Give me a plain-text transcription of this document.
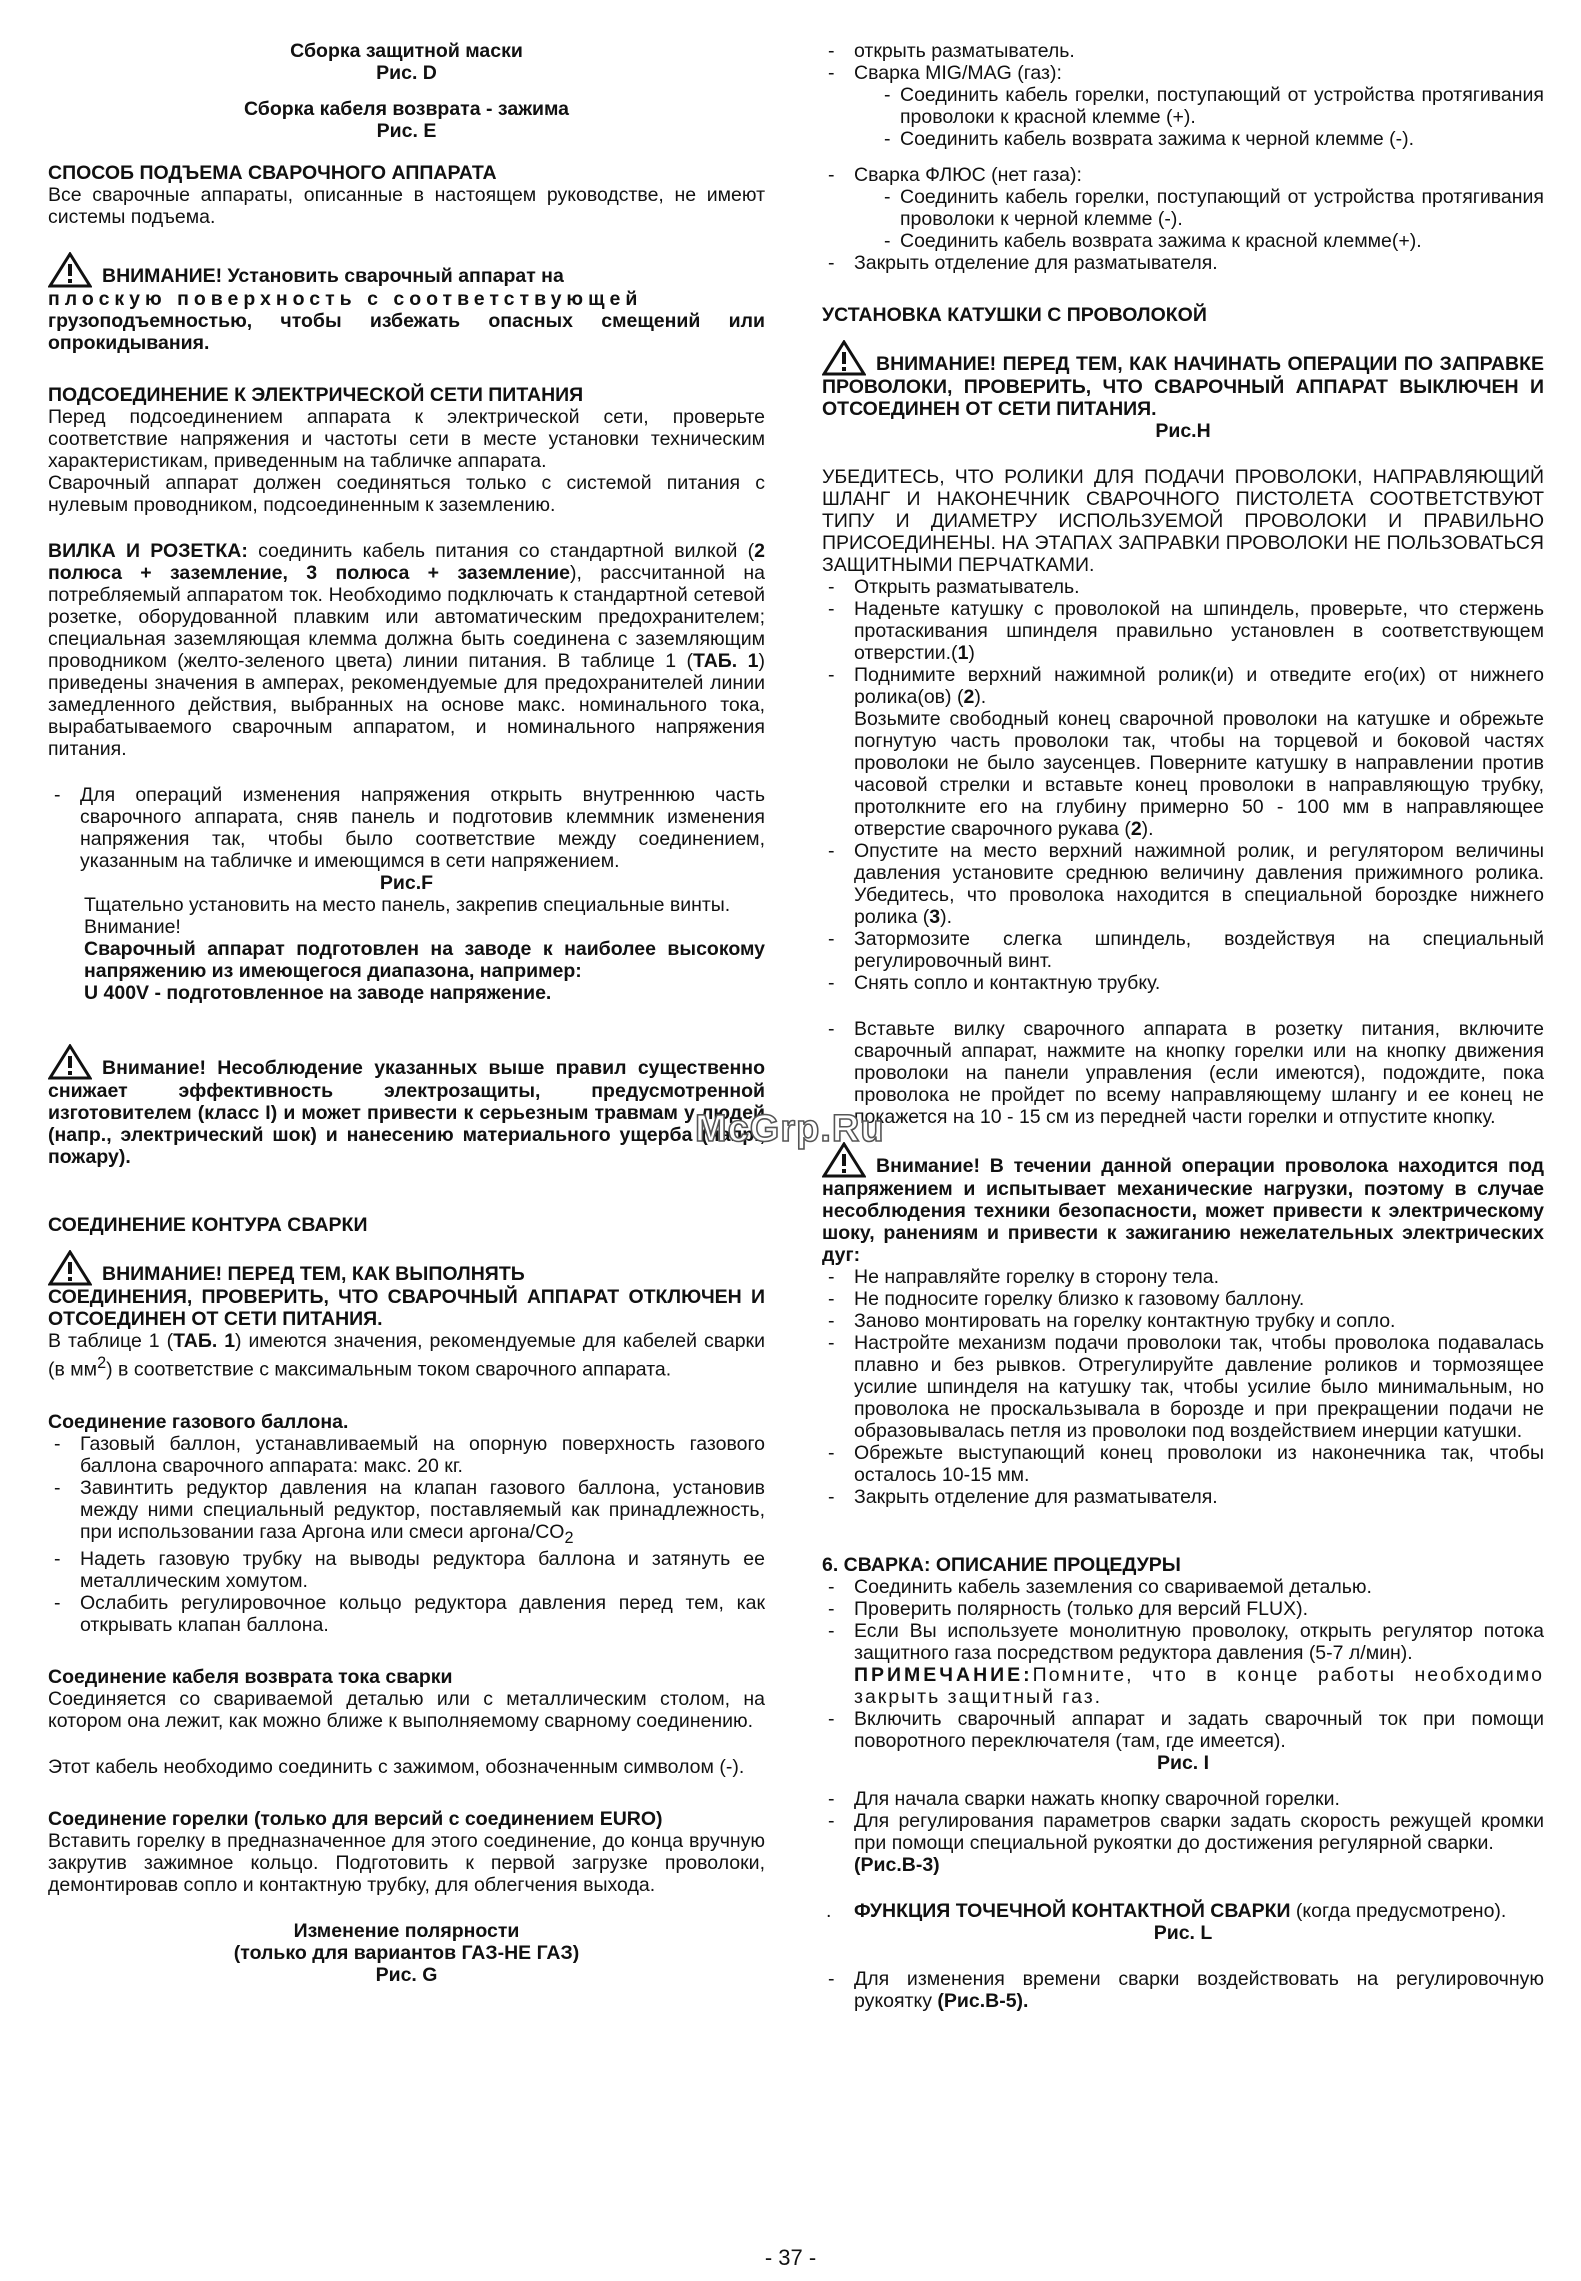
Сборка защитной маски

Рис. D

Сборка кабеля возврата - зажима

Рис. E

СПОСОБ ПОДЪЕМА СВАРОЧНОГО АППАРАТА

Все сварочные аппараты, описанные в настоящем руководстве, не имеют системы подъема.

ВНИМАНИЕ! Установить сварочный аппарат на

плоскую поверхность с соответствующей

грузоподъемностью, чтобы избежать опасных смещений или опрокидывания.

ПОДСОЕДИНЕНИЕ К ЭЛЕКТРИЧЕСКОЙ СЕТИ ПИТАНИЯ

Перед подсоединением аппарата к электрической сети, проверьте соответствие напряжения и частоты сети в месте установки техническим характеристикам, приведенным на табличке аппарата.

Сварочный аппарат должен соединяться только с системой питания с нулевым проводником, подсоединенным к заземлению.

ВИЛКА И РОЗЕТКА: соединить кабель питания со стандартной вилкой (2 полюса + заземление, 3 полюса + заземление), рассчитанной на потребляемый аппаратом ток. Необходимо подключать к стандартной сетевой розетке, оборудованной плавким или автоматическим предохранителем; специальная заземляющая клемма должна быть соединена с заземляющим проводником (желто-зеленого цвета) линии питания. В таблице 1 (ТАБ. 1) приведены значения в амперах, рекомендуемые для предохранителей линии замедленного действия, выбранных на основе макс. номинального тока, вырабатываемого сварочным аппаратом, и номинального напряжения питания.

- Для операций изменения напряжения открыть внутреннюю часть сварочного аппарата, сняв панель и подготовив клеммник изменения напряжения так, чтобы было соответствие между соединением, указанным на табличке и имеющимся в сети напряжением.

Рис.F

Тщательно установить на место панель, закрепив специальные винты.

Внимание!

Сварочный аппарат подготовлен на заводе к наиболее высокому напряжению из имеющегося диапазона, например:

U 400V - подготовленное на заводе напряжение.

Внимание! Несоблюдение указанных выше правил существенно снижает эффективность электрозащиты, предусмотренной изготовителем (класс I) и может привести к серьезным травмам у людей (напр., электрический шок) и нанесению материального ущерба (напр., пожару).

СОЕДИНЕНИЕ КОНТУРА СВАРКИ

ВНИМАНИЕ! ПЕРЕД ТЕМ, КАК ВЫПОЛНЯТЬ

СОЕДИНЕНИЯ, ПРОВЕРИТЬ, ЧТО СВАРОЧНЫЙ АППАРАТ ОТКЛЮЧЕН И ОТСОЕДИНЕН ОТ СЕТИ ПИТАНИЯ.

В таблице 1 (ТАБ. 1) имеются значения, рекомендуемые для кабелей сварки (в $мм^2$) в соответствие с максимальным током сварочного аппарата.

Соединение газового баллона.

- Газовый баллон, устанавливаемый на опорную поверхность газового баллона сварочного аппарата: макс. 20 кг.
- Завинтить редуктор давления на клапан газового баллона, установив между ними специальный редуктор, поставляемый как принадлежность, при использовании газа Аргона или смеси аргона/$CO_2$
- Надеть газовую трубку на выводы редуктора баллона и затянуть ее металлическим хомутом.
- Ослабить регулировочное кольцо редуктора давления перед тем, как открывать клапан баллона.

Соединение кабеля возврата тока сварки

Соединяется со свариваемой деталью или с металлическим столом, на котором она лежит, как можно ближе к выполняемому сварному соединению.

Этот кабель необходимо соединить с зажимом, обозначенным символом (-).

Соединение горелки (только для версий с соединением EURO)

Вставить горелку в предназначенное для этого соединение, до конца вручную закрутив зажимное кольцо. Подготовить к первой загрузке проволоки, демонтировав сопло и контактную трубку, для облегчения выхода.

Изменение полярности

(только для вариантов ГАЗ-НЕ ГАЗ)

Рис. G

- открыть разматыватель.
- Сварка MIG/MAG (газ):
- Соединить кабель горелки, поступающий от устройства протягивания проволоки к красной клемме (+).
- Соединить кабель возврата зажима к черной клемме (-).
- Сварка ФЛЮС (нет газа):
- Соединить кабель горелки, поступающий от устройства протягивания проволоки к черной клемме (-).
- Соединить кабель возврата зажима к красной клемме(+).
- Закрыть отделение для разматывателя.

УСТАНОВКА КАТУШКИ С ПРОВОЛОКОЙ

ВНИМАНИЕ! ПЕРЕД ТЕМ, КАК НАЧИНАТЬ ОПЕРАЦИИ ПО ЗАПРАВКЕ ПРОВОЛОКИ, ПРОВЕРИТЬ, ЧТО СВАРОЧНЫЙ АППАРАТ ВЫКЛЮЧЕН И ОТСОЕДИНЕН ОТ СЕТИ ПИТАНИЯ.

Рис.H

УБЕДИТЕСЬ, ЧТО РОЛИКИ ДЛЯ ПОДАЧИ ПРОВОЛОКИ, НАПРАВЛЯЮЩИЙ ШЛАНГ И НАКОНЕЧНИК СВАРОЧНОГО ПИСТОЛЕТА СООТВЕТСТВУЮТ ТИПУ И ДИАМЕТРУ ИСПОЛЬЗУЕМОЙ ПРОВОЛОКИ И ПРАВИЛЬНО ПРИСОЕДИНЕНЫ. НА ЭТАПАХ ЗАПРАВКИ ПРОВОЛОКИ НЕ ПОЛЬЗОВАТЬСЯ ЗАЩИТНЫМИ ПЕРЧАТКАМИ.

- Открыть разматыватель.
- Наденьте катушку с проволокой на шпиндель, проверьте, что стержень протаскивания шпинделя правильно установлен в соответствующем отверстии.(1)
- Поднимите верхний нажимной ролик(и) и отведите его(их) от нижнего ролика(ов) (2).

Возьмите свободный конец сварочной проволоки на катушке и обрежьте погнутую часть проволоки так, чтобы на торцевой и боковой частях проволоки не было заусенцев. Поверните катушку в направлении против часовой стрелки и вставьте конец проволоки в направляющую трубку, протолкните его на глубину примерно 50 - 100 мм в направляющее отверстие сварочного рукава (2).

- Опустите на место верхний нажимной ролик, и регулятором величины давления установите среднюю величину давления прижимного ролика. Убедитесь, что проволока находится в специальной бороздке нижнего ролика (3).
- Затормозите слегка шпиндель, воздействуя на специальный регулировочный винт.
- Снять сопло и контактную трубку.
- Вставьте вилку сварочного аппарата в розетку питания, включите сварочный аппарат, нажмите на кнопку горелки или на кнопку движения проволоки на панели управления (если имеются), подождите, пока проволока не пройдет по всему направляющему шлангу и ее конец не покажется на 10 - 15 см из передней части горелки и отпустите кнопку.

Внимание! В течении данной операции проволока находится под напряжением и испытывает механические нагрузки, поэтому в случае несоблюдения техники безопасности, может привести к электрическому шоку, ранениям и привести к зажиганию нежелательных электрических дуг:

- Не направляйте горелку в сторону тела.
- Не подносите горелку близко к газовому баллону.
- Заново монтировать на горелку контактную трубку и сопло.
- Настройте механизм подачи проволоки так, чтобы проволока подавалась плавно и без рывков. Отрегулируйте давление роликов и тормозящее усилие шпинделя на катушку так, чтобы усилие было минимальным, но проволока не проскальзывала в борозде и при прекращении подачи не образовывалась петля из проволоки под воздействием инерции катушки.
- Обрежьте выступающий конец проволоки из наконечника так, чтобы осталось 10-15 мм.
- Закрыть отделение для разматывателя.

6. СВАРКА: ОПИСАНИЕ ПРОЦЕДУРЫ

- Соединить кабель заземления со свариваемой деталью.
- Проверить полярность (только для версий FLUX).
- Если Вы используете монолитную проволоку, открыть регулятор потока защитного газа посредством редуктора давления (5-7 л/мин).

ПРИМЕЧАНИЕ:Помните, что в конце работы необходимо закрыть защитный газ.

- Включить сварочный аппарат и задать сварочный ток при помощи поворотного переключателя (там, где имеется).

Рис. I

- Для начала сварки нажать кнопку сварочной горелки.
- Для регулирования параметров сварки задать скорость режущей кромки при помощи специальной рукоятки до достижения регулярной сварки.

(Рис.B-3)

. ФУНКЦИЯ ТОЧЕЧНОЙ КОНТАКТНОЙ СВАРКИ (когда предусмотрено).

Рис. L

- Для изменения времени сварки воздействовать на регулировочную рукоятку (Рис.B-5).
McGrp.Ru
- 37 -
